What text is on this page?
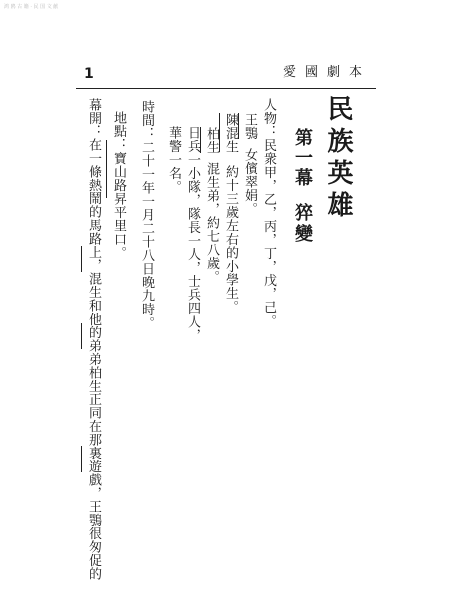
鸿 鸥 古 籍 · 民 国 文 献
1	愛國劇本
民族英雄
第一幕
猝變
人物：民衆甲，乙，丙，丁，戊，己。
王鶚
女儐翠娟。
陳混生
約十三歲左右的小學生。
柏生
混生弟，約七八歲。
日兵一小隊，隊長一人，士兵四人，
華警一名。
時間：二十一年一月二十八日晚九時。
地點：寶山路昇平里口。
幕開：在一條熱鬧的馬路上，混生和他的弟弟柏生正同在那裏遊戲，王鶚很匆促的
